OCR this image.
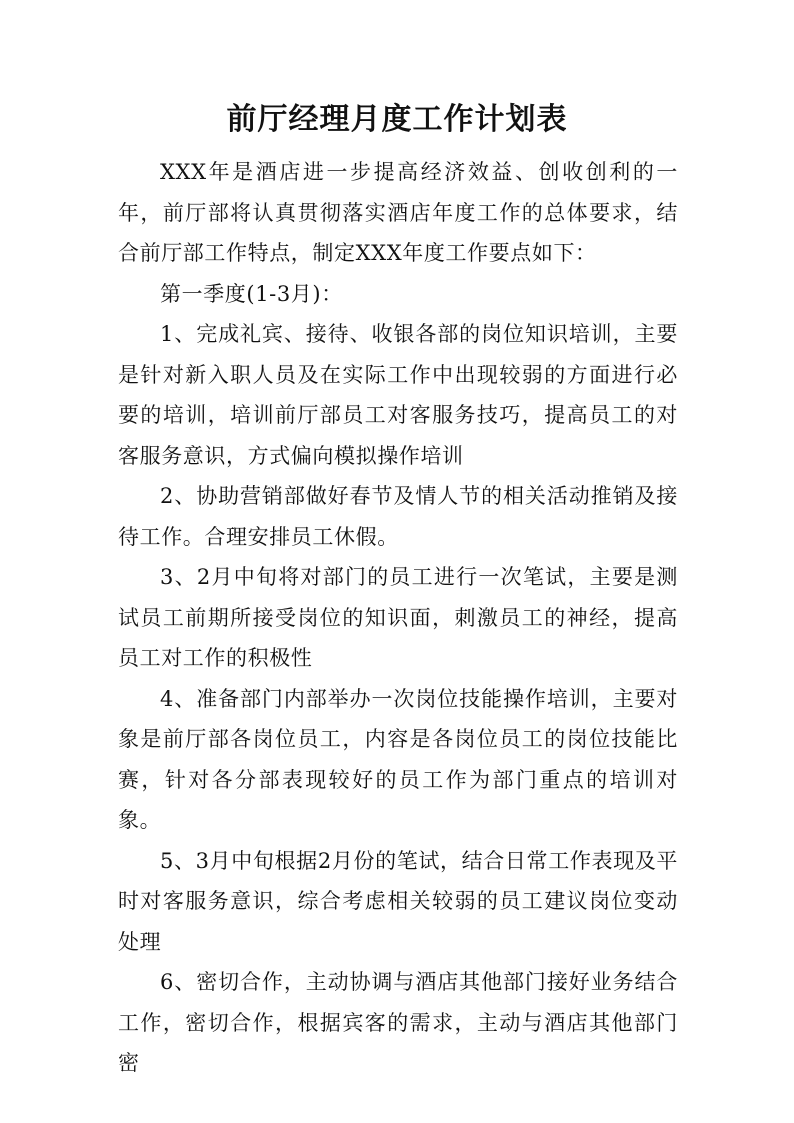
前厅经理月度工作计划表

XXX年是酒店进一步提高经济效益、创收创利的一年，前厅部将认真贯彻落实酒店年度工作的总体要求，结合前厅部工作特点，制定XXX年度工作要点如下：

第一季度(1-3月)：

1、完成礼宾、接待、收银各部的岗位知识培训，主要是针对新入职人员及在实际工作中出现较弱的方面进行必要的培训，培训前厅部员工对客服务技巧，提高员工的对客服务意识，方式偏向模拟操作培训

2、协助营销部做好春节及情人节的相关活动推销及接待工作。合理安排员工休假。

3、2月中旬将对部门的员工进行一次笔试，主要是测试员工前期所接受岗位的知识面，刺激员工的神经，提高员工对工作的积极性

4、准备部门内部举办一次岗位技能操作培训，主要对象是前厅部各岗位员工，内容是各岗位员工的岗位技能比赛，针对各分部表现较好的员工作为部门重点的培训对象。

5、3月中旬根据2月份的笔试，结合日常工作表现及平时对客服务意识，综合考虑相关较弱的员工建议岗位变动处理

6、密切合作，主动协调与酒店其他部门接好业务结合工作，密切合作，根据宾客的需求，主动与酒店其他部门密
